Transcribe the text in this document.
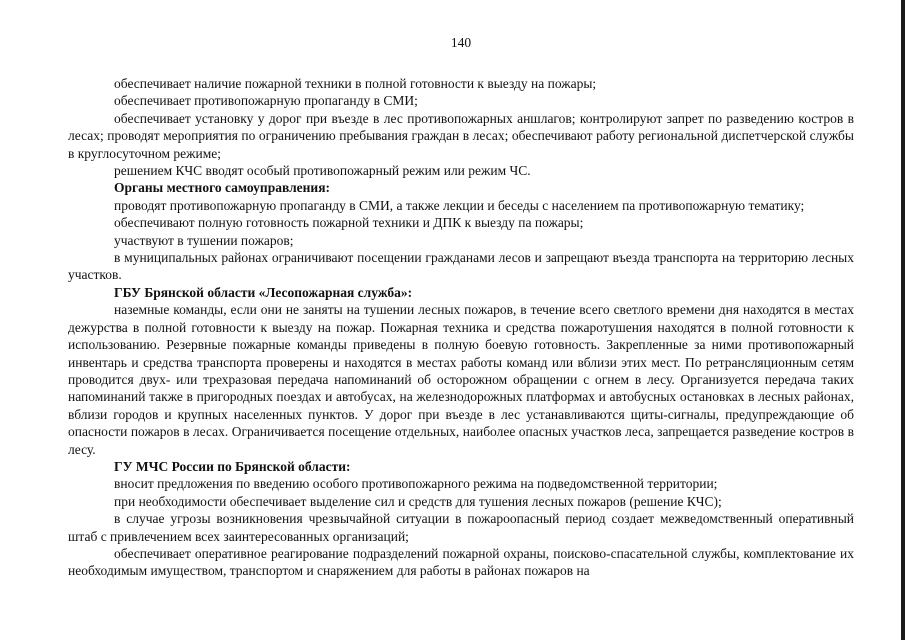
140

обеспечивает наличие пожарной техники в полной готовности к выезду на пожары;

обеспечивает противопожарную пропаганду в СМИ;

обеспечивает установку у дорог при въезде в лес противопожарных аншлагов; контролируют запрет по разведению костров в лесах; проводят мероприятия по ограничению пребывания граждан в лесах; обеспечивают работу региональной диспетчерской службы в круглосуточном режиме;

решением КЧС вводят особый противопожарный режим или режим ЧС.

Органы местного самоуправления:

проводят противопожарную пропаганду в СМИ, а также лекции и беседы с населением па противопожарную тематику;

обеспечивают полную готовность пожарной техники и ДПК к выезду па пожары;

участвуют в тушении пожаров;

в муниципальных районах ограничивают посещении гражданами лесов и запрещают въезда транспорта на территорию лесных участков.

ГБУ Брянской области «Лесопожарная служба»:

наземные команды, если они не заняты на тушении лесных пожаров, в течение всего светлого времени дня находятся в местах дежурства в полной готовности к выезду на пожар. Пожарная техника и средства пожаротушения находятся в полной готовности к использованию. Резервные пожарные команды приведены в полную боевую готовность. Закрепленные за ними противопожарный инвентарь и средства транспорта проверены и находятся в местах работы команд или вблизи этих мест. По ретрансляционным сетям проводится двух- или трехразовая передача напоминаний об осторожном обращении с огнем в лесу. Организуется передача таких напоминаний также в пригородных поездах и автобусах, на железнодорожных платформах и автобусных остановках в лесных районах, вблизи городов и крупных населенных пунктов. У дорог при въезде в лес устанавливаются щиты-сигналы, предупреждающие об опасности пожаров в лесах. Ограничивается посещение отдельных, наиболее опасных участков леса, запрещается разведение костров в лесу.

ГУ МЧС России по Брянской области:

вносит предложения по введению особого противопожарного режима на подведомственной территории;

при необходимости обеспечивает выделение сил и средств для тушения лесных пожаров (решение КЧС);

в случае угрозы возникновения чрезвычайной ситуации в пожароопасный период создает межведомственный оперативный штаб с привлечением всех заинтересованных организаций;

обеспечивает оперативное реагирование подразделений пожарной охраны, поисково-спасательной службы, комплектование их необходимым имуществом, транспортом и снаряжением для работы в районах пожаров на
